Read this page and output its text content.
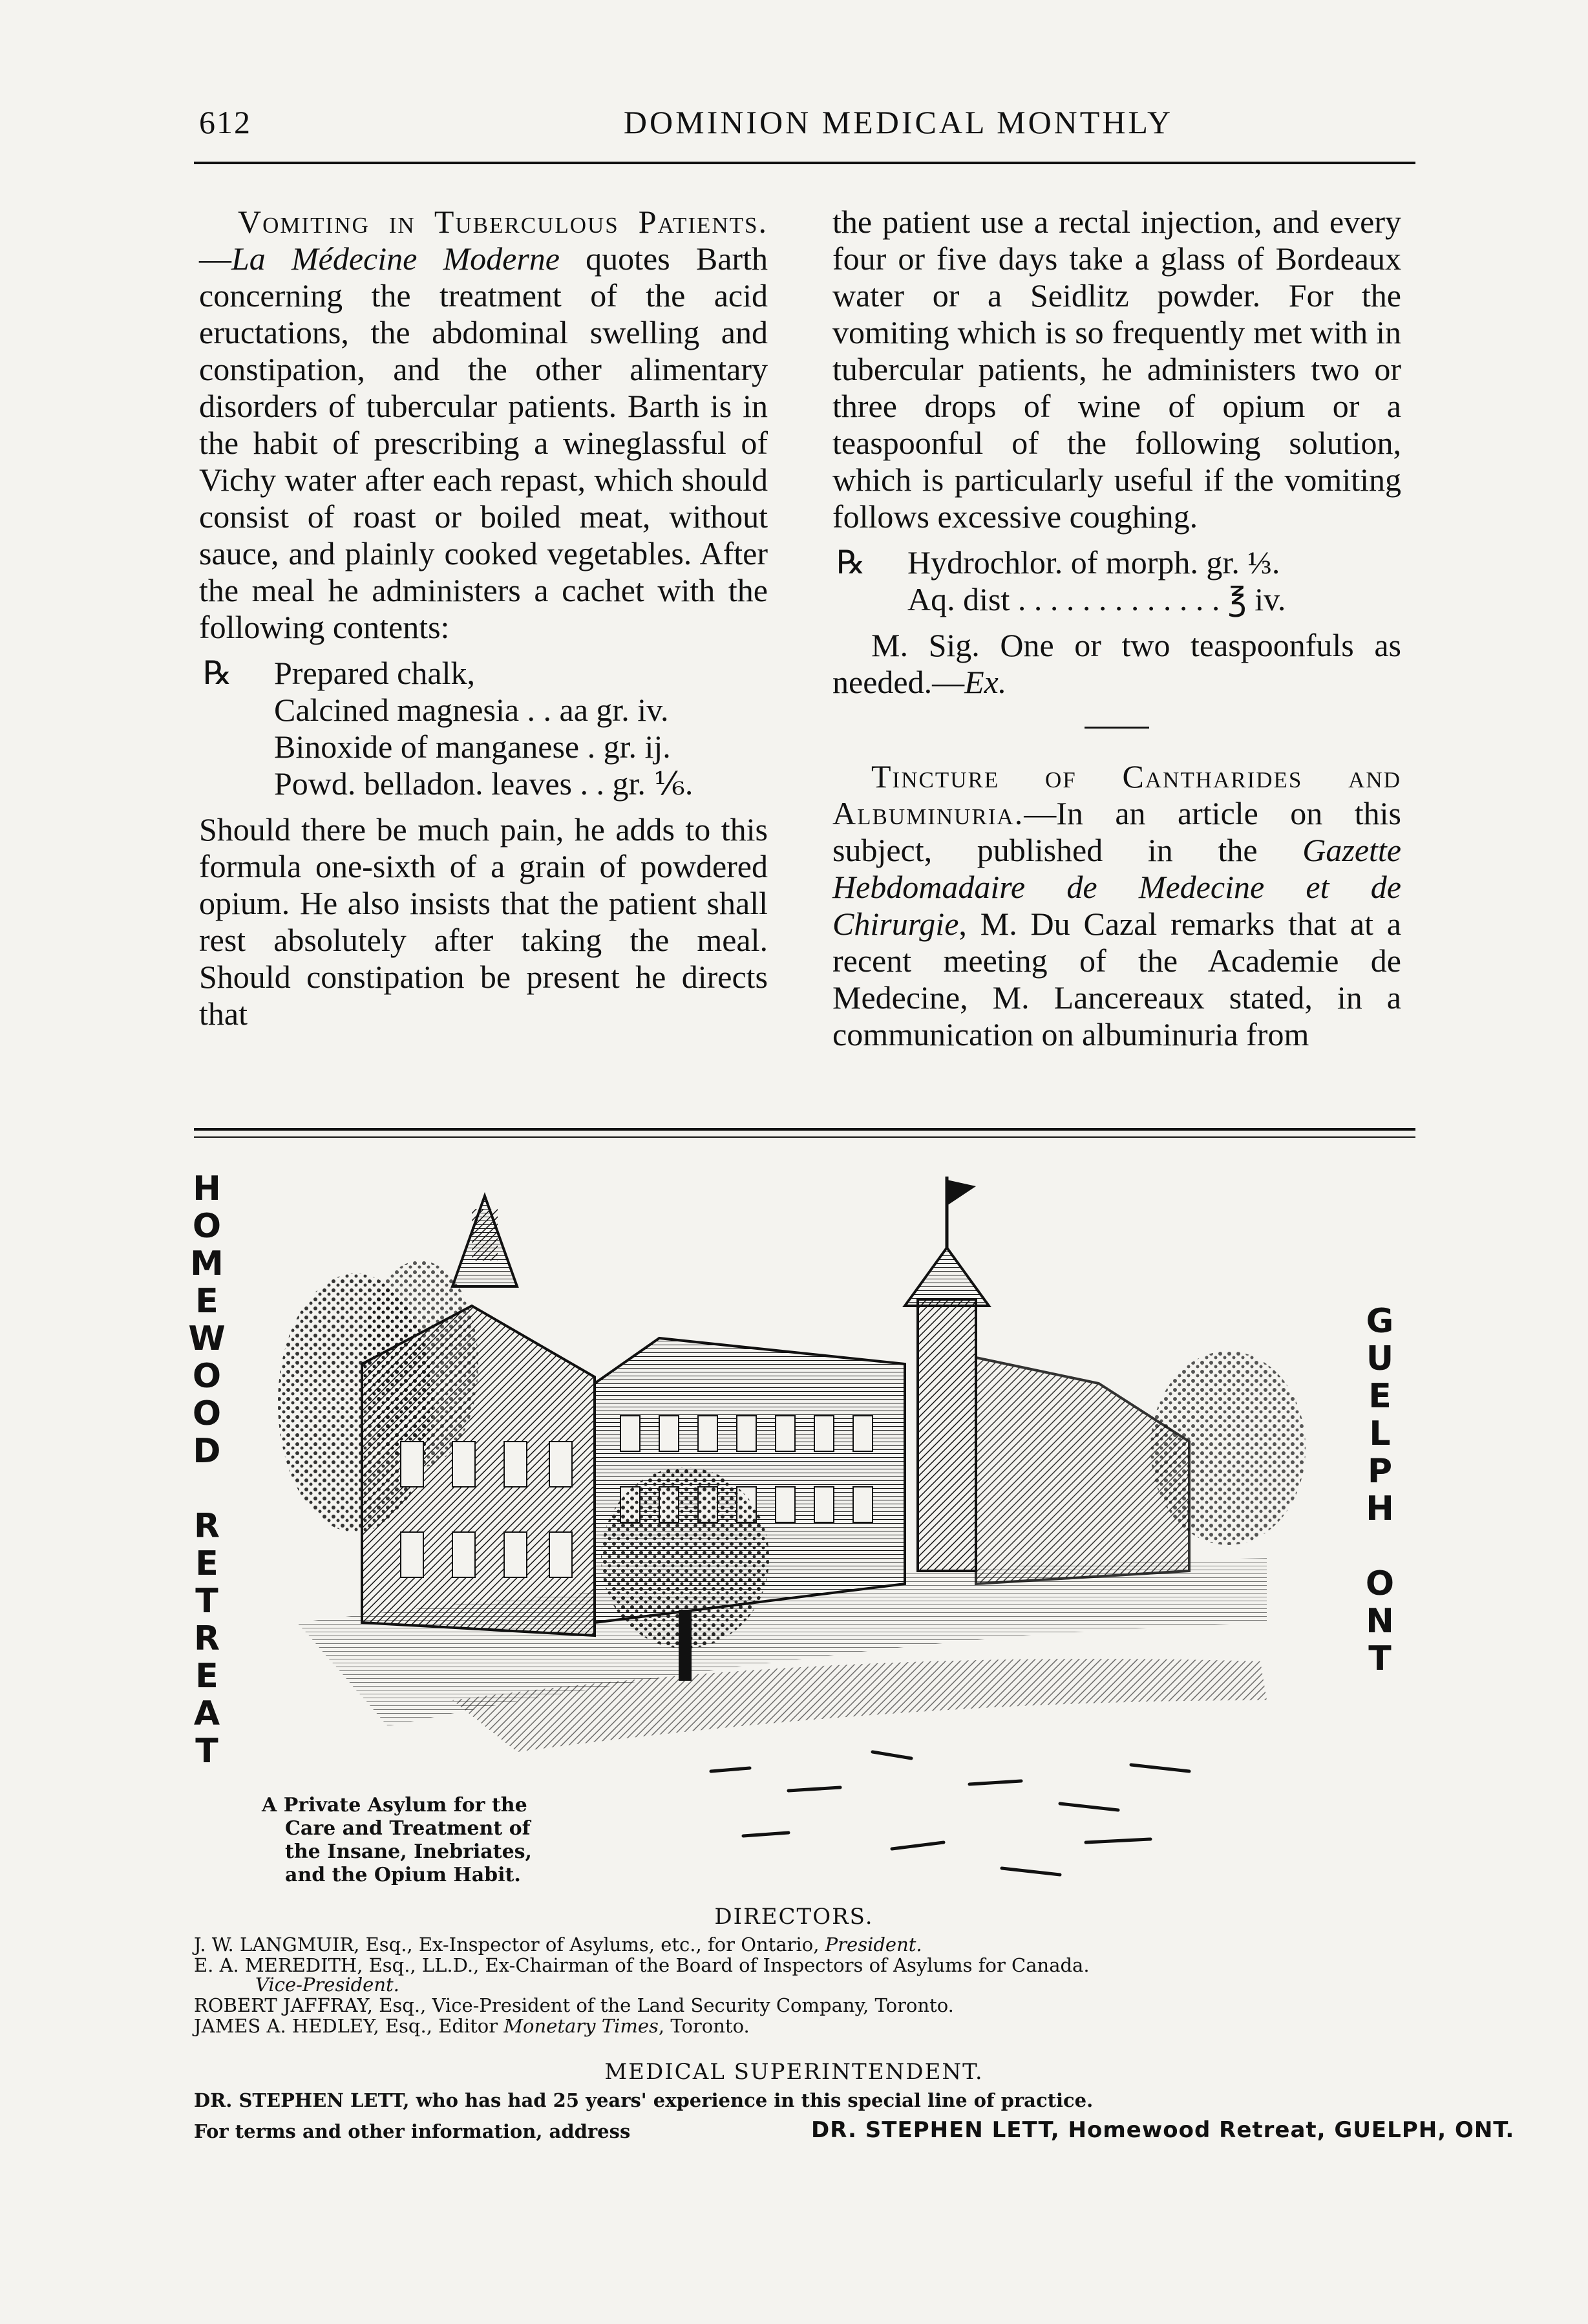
612	DOMINION MEDICAL MONTHLY

Vomiting in Tuberculous Patients.—La Médecine Moderne quotes Barth concerning the treatment of the acid eructations, the abdominal swelling and constipation, and the other alimentary disorders of tubercular patients. Barth is in the habit of prescribing a wineglassful of Vichy water after each repast, which should consist of roast or boiled meat, without sauce, and plainly cooked vegetables. After the meal he administers a cachet with the following contents:

℞	Prepared chalk,
Calcined magnesia . . aa gr. iv.
Binoxide of manganese . gr. ij.
Powd. belladon. leaves . . gr. ⅙.

Should there be much pain, he adds to this formula one-sixth of a grain of powdered opium. He also insists that the patient shall rest absolutely after taking the meal. Should constipation be present he directs that

the patient use a rectal injection, and every four or five days take a glass of Bordeaux water or a Seidlitz powder. For the vomiting which is so frequently met with in tubercular patients, he administers two or three drops of wine of opium or a teaspoonful of the following solution, which is particularly useful if the vomiting follows excessive coughing.

℞	Hydrochlor. of morph. gr. ⅓.
Aq. dist . . . . . . . . . . . . . ℥ iv.

M. Sig. One or two teaspoonfuls as needed.—Ex.

Tincture of Cantharides and Albuminuria.—In an article on this subject, published in the Gazette Hebdomadaire de Medecine et de Chirurgie, M. Du Cazal remarks that at a recent meeting of the Academie de Medecine, M. Lancereaux stated, in a communication on albuminuria from

H
O
M
E
W
O
O
D
R
E
T
R
E
A
T
G
U
E
L
P
H
O
N
T
A Private Asylum for the
Care and Treatment of
the Insane, Inebriates,
and the Opium Habit.
DIRECTORS.
J. W. LANGMUIR, Esq., Ex-Inspector of Asylums, etc., for Ontario, President.
E. A. MEREDITH, Esq., LL.D., Ex-Chairman of the Board of Inspectors of Asylums for Canada.
Vice-President.
ROBERT JAFFRAY, Esq., Vice-President of the Land Security Company, Toronto.
JAMES A. HEDLEY, Esq., Editor Monetary Times, Toronto.
MEDICAL SUPERINTENDENT.
DR. STEPHEN LETT, who has had 25 years' experience in this special line of practice.
For terms and other information, address	DR. STEPHEN LETT, Homewood Retreat, GUELPH, ONT.
